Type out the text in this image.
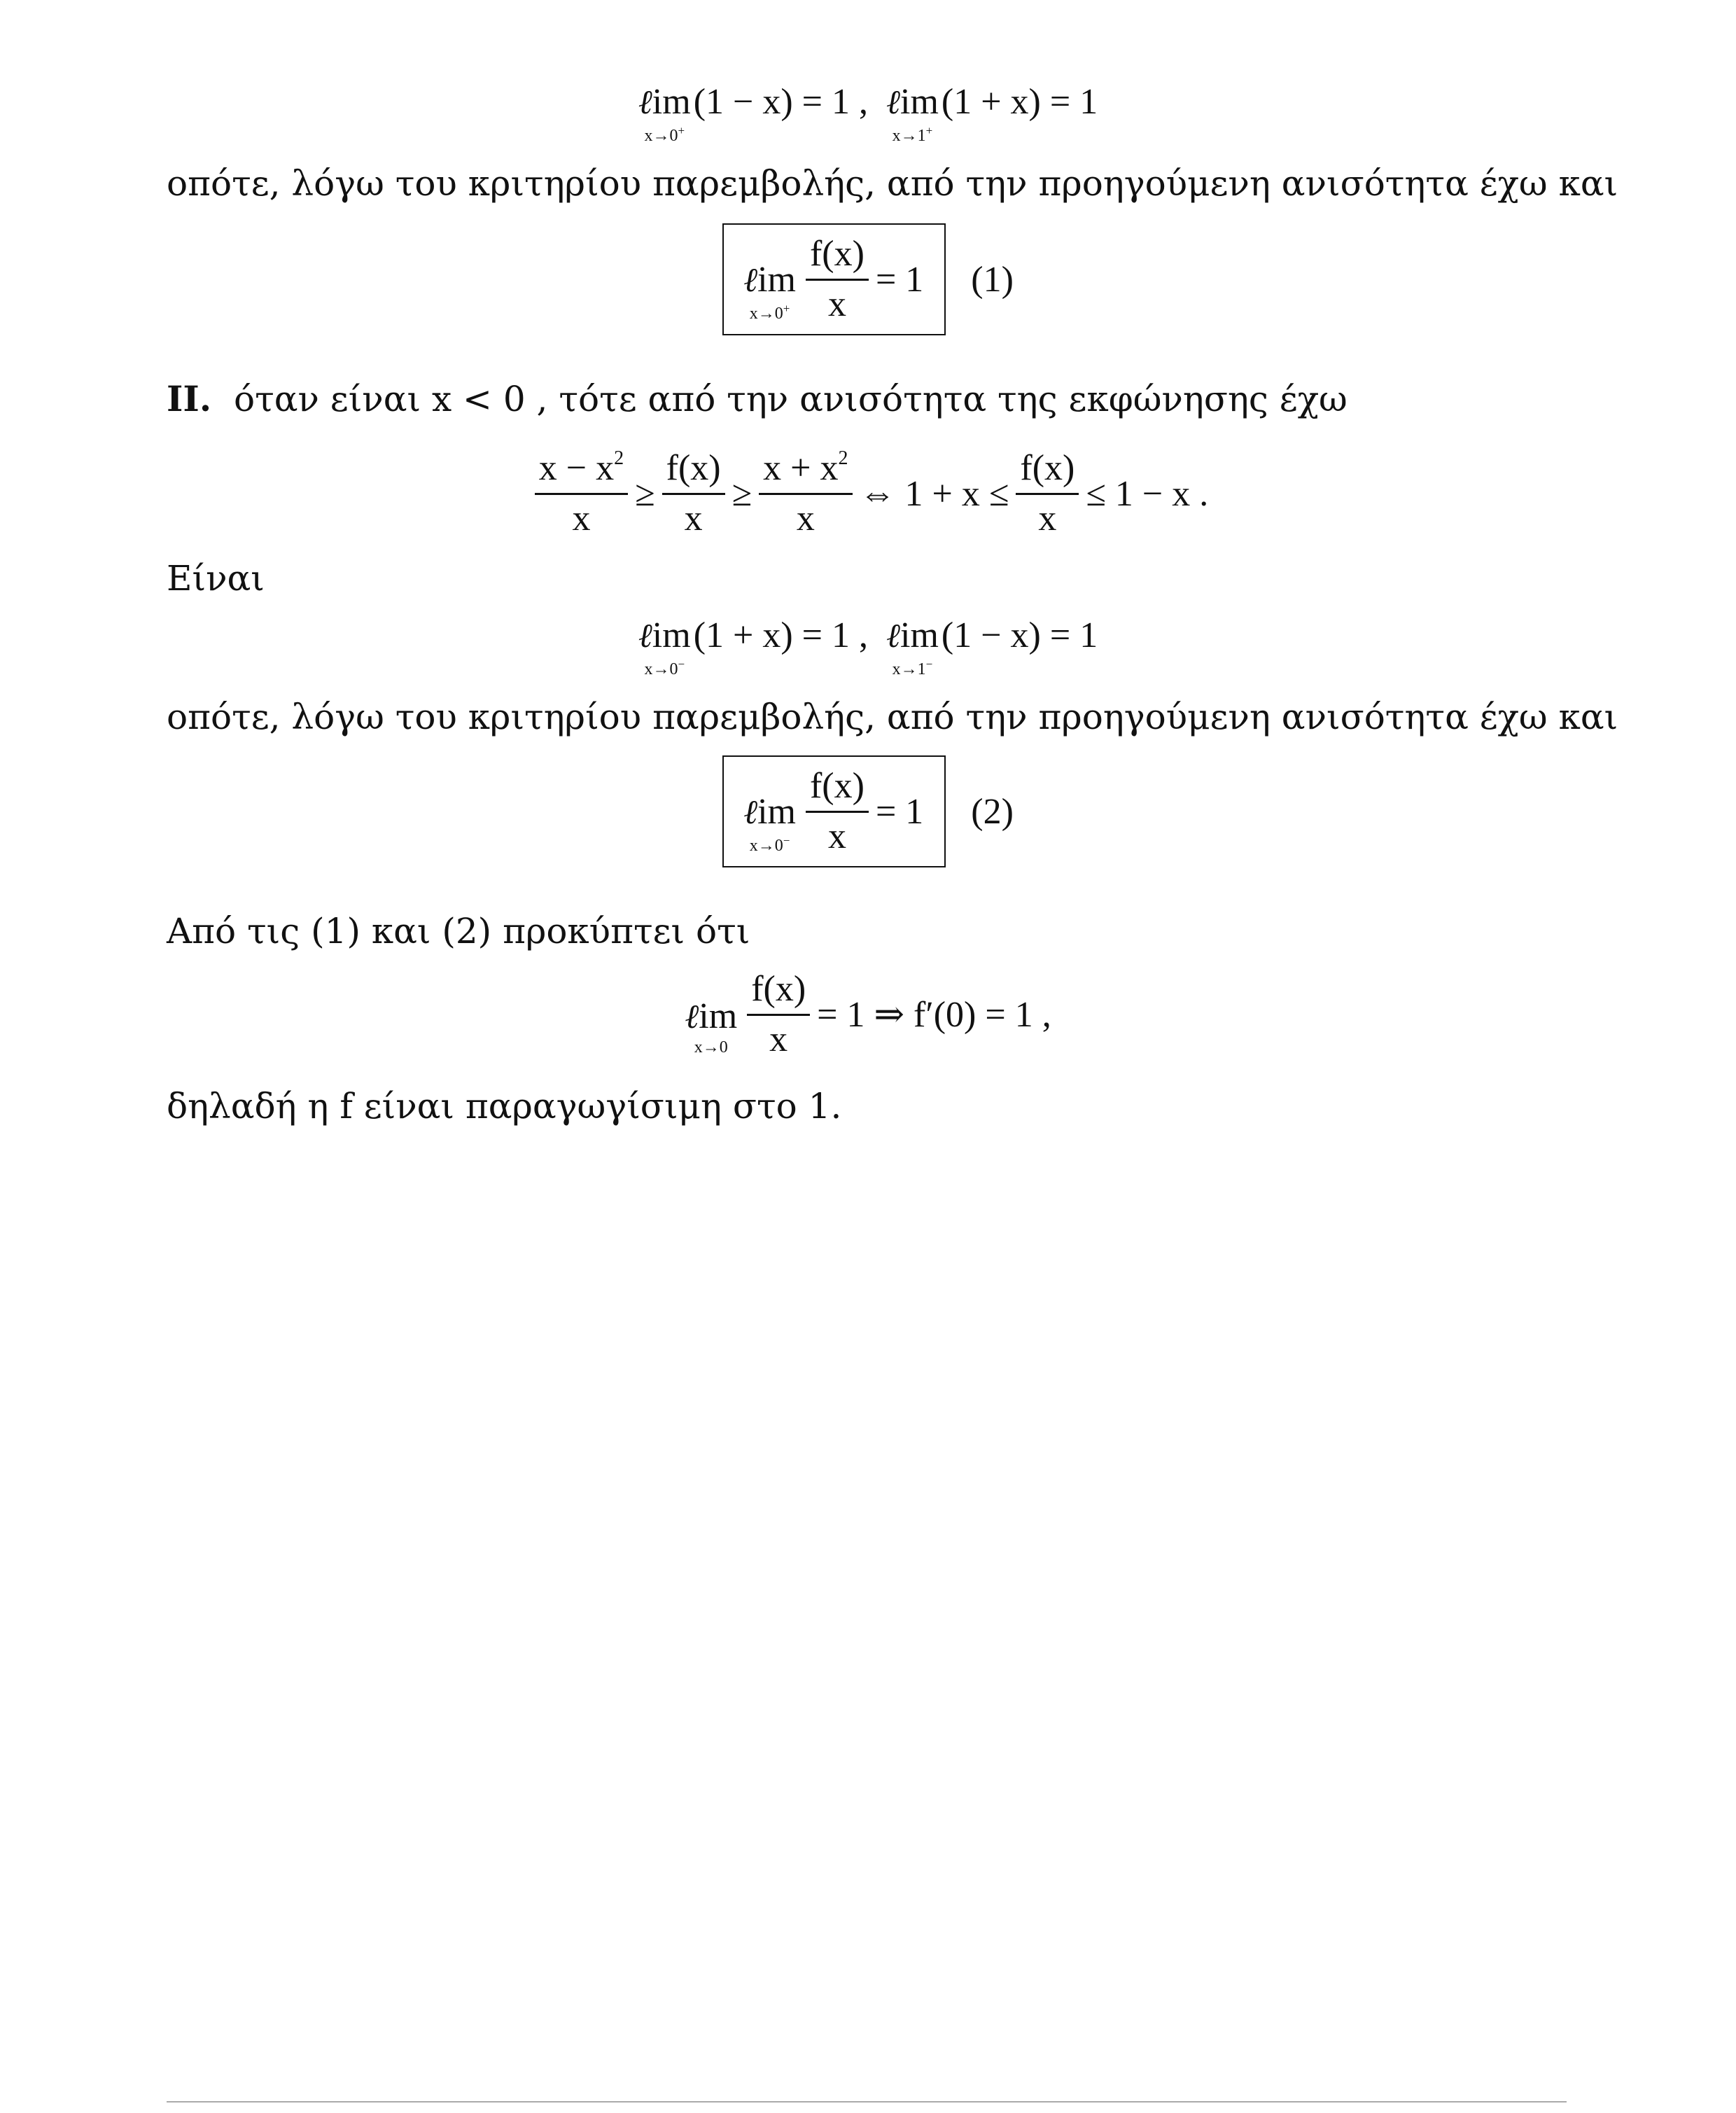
ℓim
x→0+
(1 − x) = 1 , ℓim
x→1+
(1 + x) = 1
οπότε, λόγω του κριτηρίου παρεμβολής, από την προηγούμενη ανισότητα έχω και
ℓim
$x\to 0^+ \frac{f(x)}{x} = 1$ (1)
II. όταν είναι x < 0 , τότε από την ανισότητα της εκφώνησης έχω
$\frac{x - x^2}{x} \ge \frac{f(x)}{x} \ge \frac{x + x^2}{x}$ ⇔ $1 + x \le \frac{f(x)}{x} \le 1 - x$ .
Είναι
ℓim
x→0−
(1 + x) = 1 , ℓim
x→1−
(1 − x) = 1
οπότε, λόγω του κριτηρίου παρεμβολής, από την προηγούμενη ανισότητα έχω και
ℓim
$x\to 0^- \frac{f(x)}{x} = 1$ (2)
Από τις (1) και (2) προκύπτει ότι
ℓim
$x\to 0 \frac{f(x)}{x} = 1$ ⇒ f′(0) = 1 ,
δηλαδή η f είναι παραγωγίσιμη στο 1.
